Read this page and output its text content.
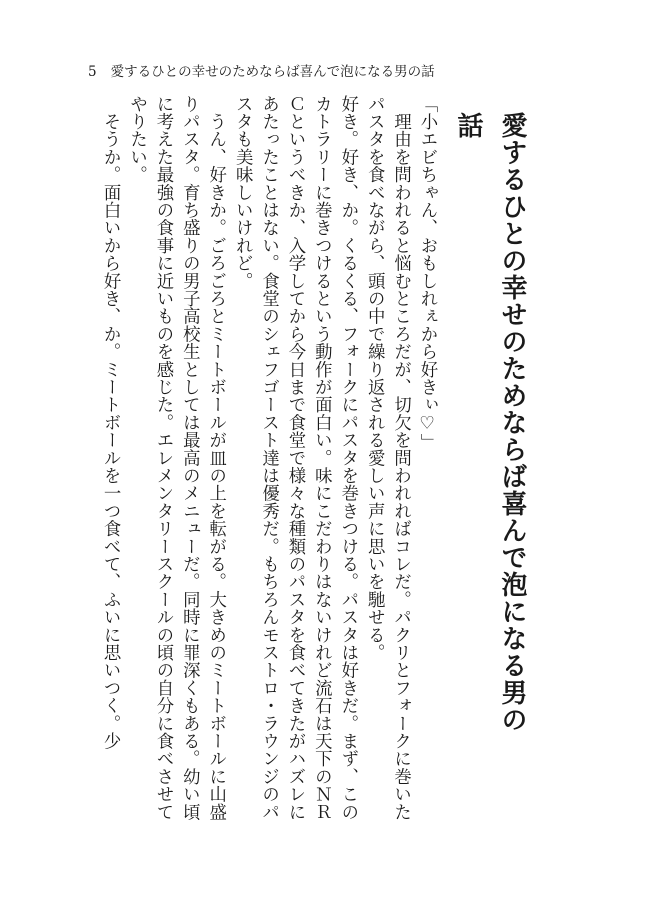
5 愛するひとの幸せのためならば喜んで泡になる男の話
愛するひとの幸せのためならば喜んで泡になる男の話

「小エビちゃん、おもしれぇから好きぃ♡」

　理由を問われると悩むところだが、切欠を問われればコレだ。パクリとフォークに巻いたパスタを食べながら、頭の中で繰り返される愛しい声に思いを馳せる。

好き。好き、か。くるくる、フォークにパスタを巻きつける。パスタは好きだ。まず、このカトラリーに巻きつけるという動作が面白い。味にこだわりはないけれど流石は天下のＮＲＣというべきか、入学してから今日まで食堂で様々な種類のパスタを食べてきたがハズレにあたったことはない。食堂のシェフゴースト達は優秀だ。もちろんモストロ・ラウンジのパスタも美味しいけれど。

　うん、好きか。ごろごろとミートボールが皿の上を転がる。大きめのミートボールに山盛りパスタ。育ち盛りの男子高校生としては最高のメニューだ。同時に罪深くもある。幼い頃に考えた最強の食事に近いものを感じた。エレメンタリースクールの頃の自分に食べさせてやりたい。

　そうか。面白いから好き、か。ミートボールを一つ食べて、ふいに思いつく。少
